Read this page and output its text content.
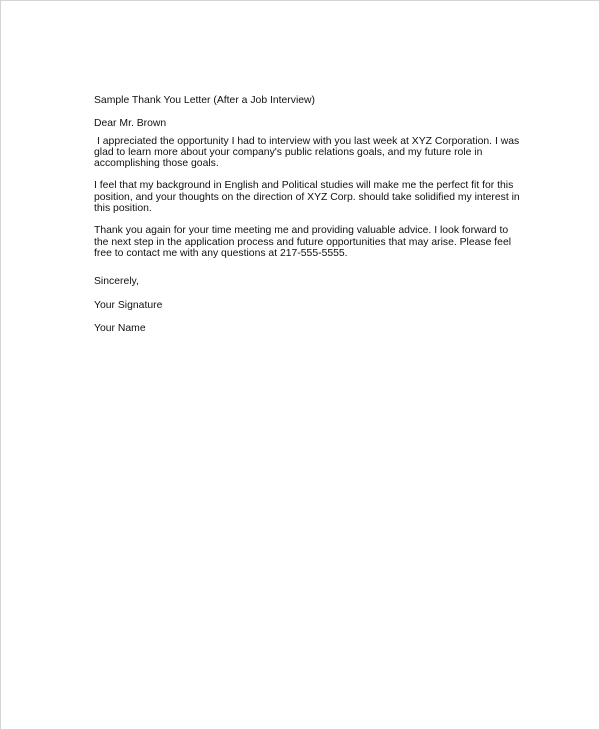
Sample Thank You Letter (After a Job Interview)

Dear Mr. Brown

I appreciated the opportunity I had to interview with you last week at XYZ Corporation. I was glad to learn more about your company's public relations goals, and my future role in accomplishing those goals.

I feel that my background in English and Political studies will make me the perfect fit for this position, and your thoughts on the direction of XYZ Corp. should take solidified my interest in this position.

Thank you again for your time meeting me and providing valuable advice. I look forward to the next step in the application process and future opportunities that may arise. Please feel free to contact me with any questions at 217-555-5555.

Sincerely,

Your Signature

Your Name
